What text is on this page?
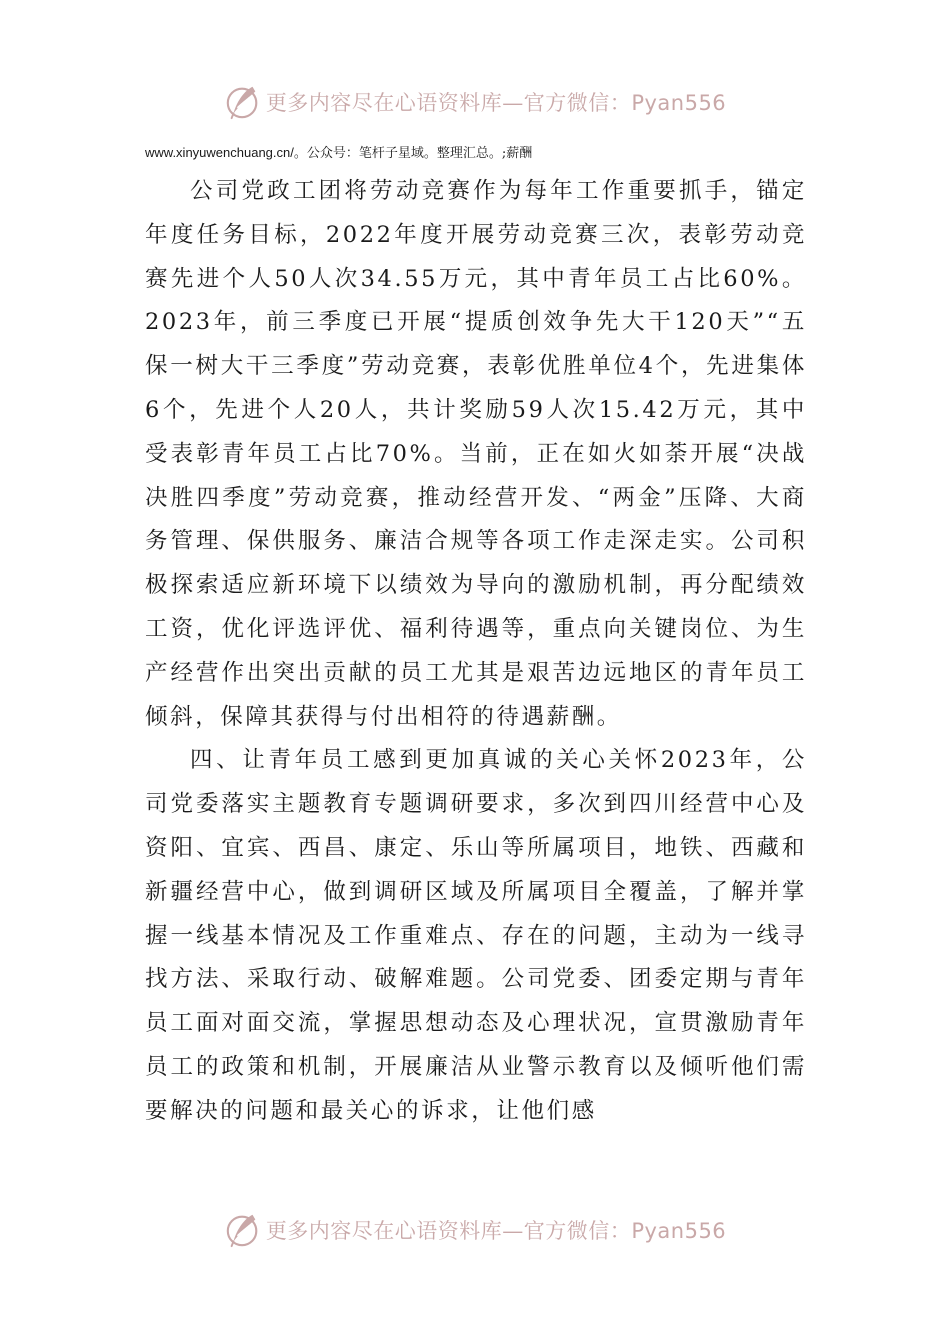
更多内容尽在心语资料库—官方微信：Pyan556
www.xinyuwenchuang.cn/。公众号：笔杆子星域。整理汇总。;薪酬

公司党政工团将劳动竞赛作为每年工作重要抓手，锚定年度任务目标，2022年度开展劳动竞赛三次，表彰劳动竞赛先进个人50人次34.55万元，其中青年员工占比60%。2023年，前三季度已开展“提质创效争先大干120天”“五保一树大干三季度”劳动竞赛，表彰优胜单位4个，先进集体6个，先进个人20人，共计奖励59人次15.42万元，其中受表彰青年员工占比70%。当前，正在如火如荼开展“决战决胜四季度”劳动竞赛，推动经营开发、“两金”压降、大商务管理、保供服务、廉洁合规等各项工作走深走实。公司积极探索适应新环境下以绩效为导向的激励机制，再分配绩效工资，优化评选评优、福利待遇等，重点向关键岗位、为生产经营作出突出贡献的员工尤其是艰苦边远地区的青年员工倾斜，保障其获得与付出相符的待遇薪酬。

四、让青年员工感到更加真诚的关心关怀2023年，公司党委落实主题教育专题调研要求，多次到四川经营中心及资阳、宜宾、西昌、康定、乐山等所属项目，地铁、西藏和新疆经营中心，做到调研区域及所属项目全覆盖，了解并掌握一线基本情况及工作重难点、存在的问题，主动为一线寻找方法、采取行动、破解难题。公司党委、团委定期与青年员工面对面交流，掌握思想动态及心理状况，宣贯激励青年员工的政策和机制，开展廉洁从业警示教育以及倾听他们需要解决的问题和最关心的诉求，让他们感

更多内容尽在心语资料库—官方微信：Pyan556
